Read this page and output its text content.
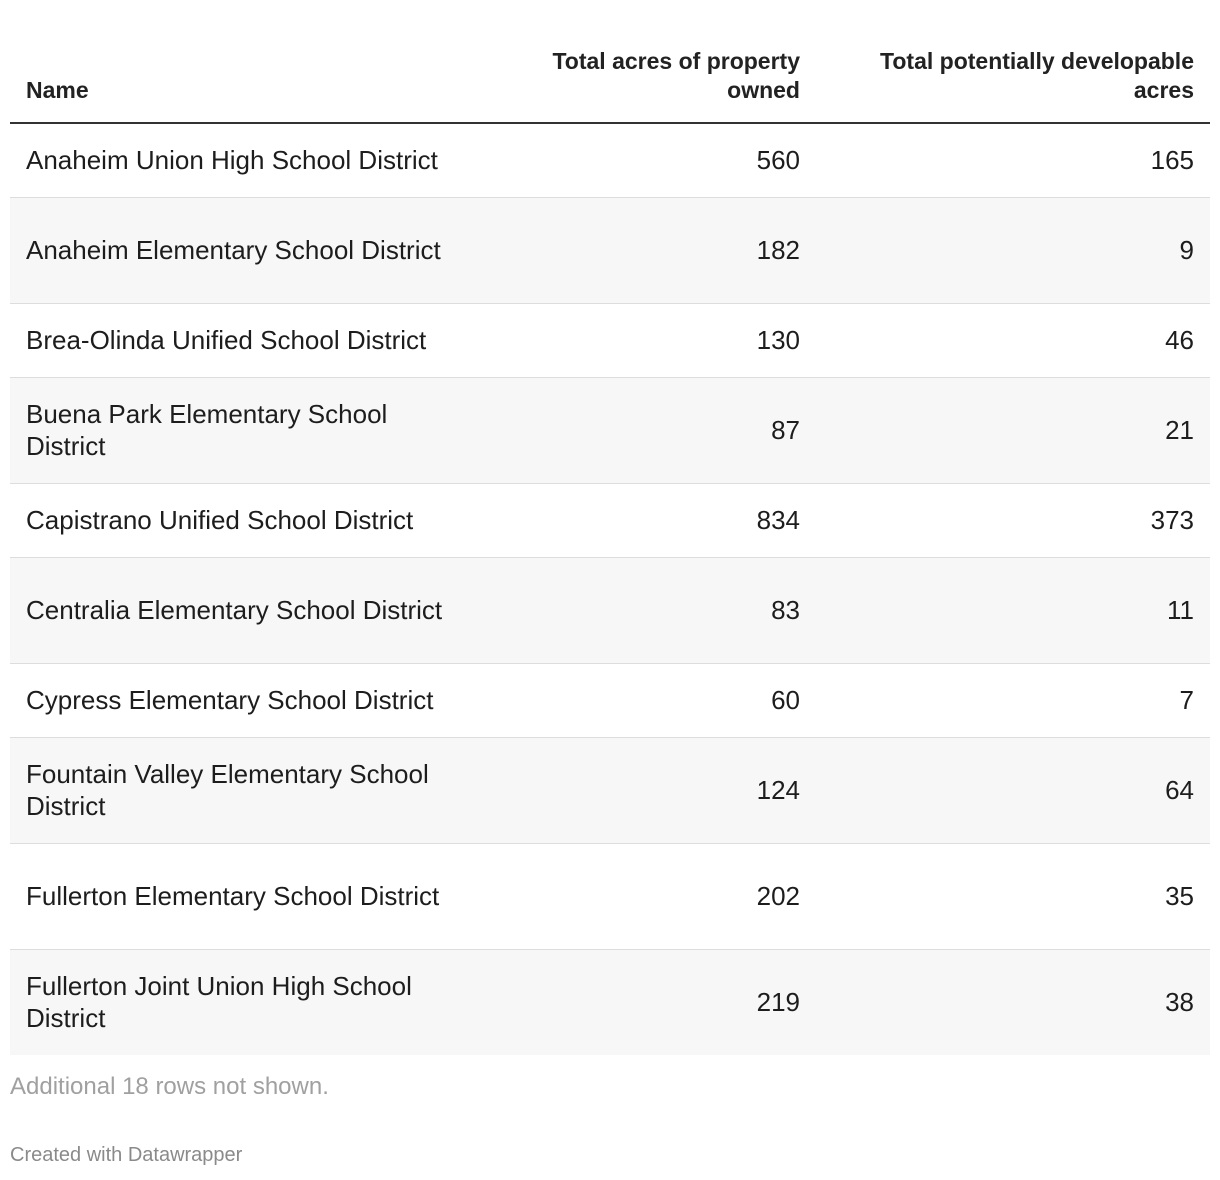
Name	Total acres of property owned	Total potentially developable acres
Anaheim Union High School District	560	165
Anaheim Elementary School District	182	9
Brea-Olinda Unified School District	130	46
Buena Park Elementary School District	87	21
Capistrano Unified School District	834	373
Centralia Elementary School District	83	11
Cypress Elementary School District	60	7
Fountain Valley Elementary School District	124	64
Fullerton Elementary School District	202	35
Fullerton Joint Union High School District	219	38
Additional 18 rows not shown.
Created with Datawrapper
